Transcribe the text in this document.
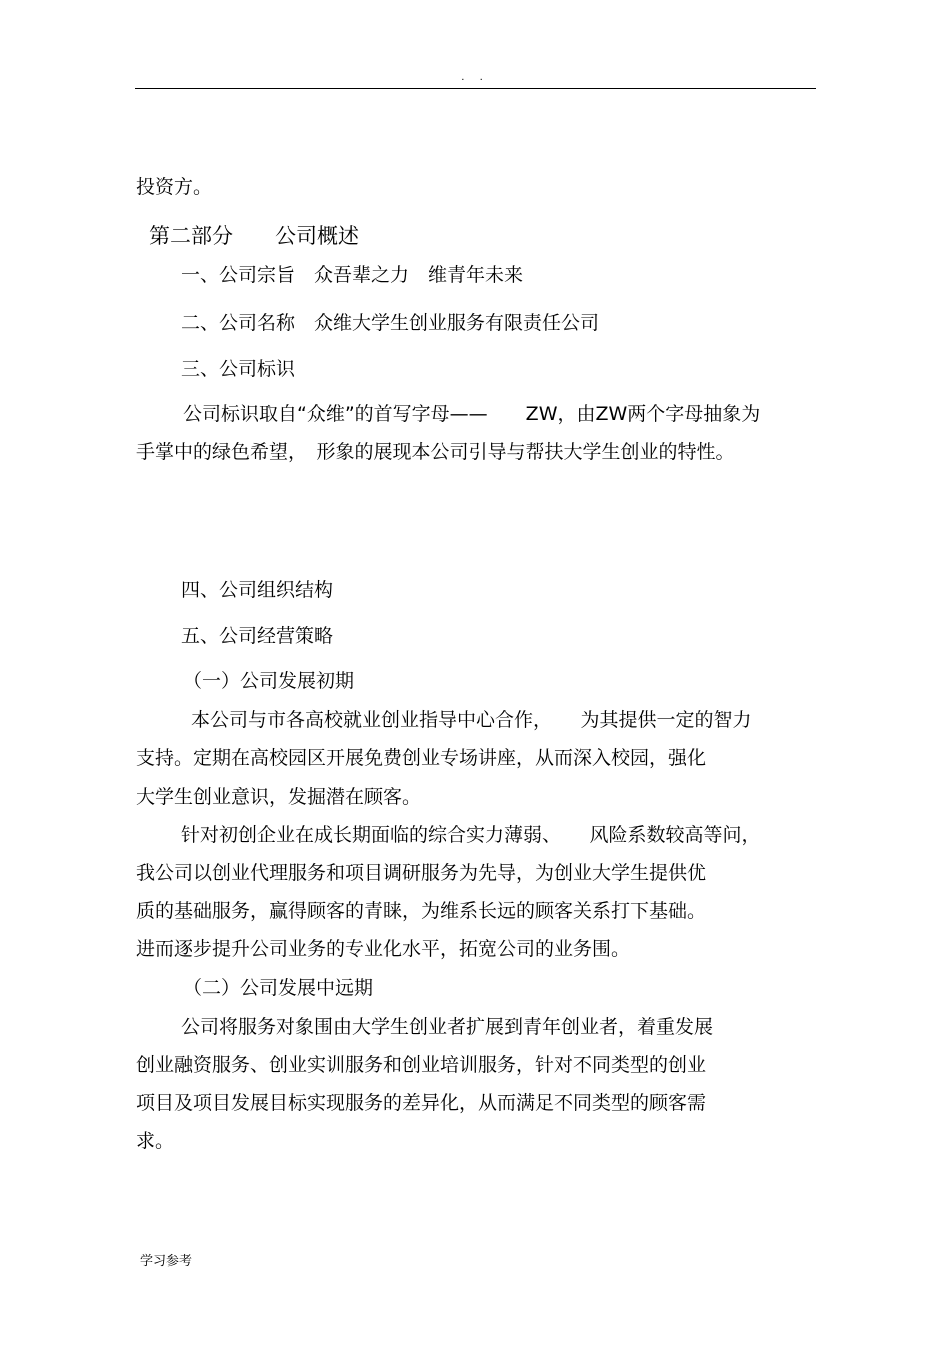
. .
投资方。
第二部分　　公司概述
一、公司宗旨　众吾辈之力　维青年未来
二、公司名称　众维大学生创业服务有限责任公司
三、公司标识
公司标识取自“众维”的首写字母——　　ZW，由ZW两个字母抽象为
手掌中的绿色希望，　形象的展现本公司引导与帮扶大学生创业的特性。
四、公司组织结构
五、公司经营策略
（一）公司发展初期
本公司与市各高校就业创业指导中心合作，　　为其提供一定的智力
支持。定期在高校园区开展免费创业专场讲座，从而深入校园，强化
大学生创业意识，发掘潜在顾客。
针对初创企业在成长期面临的综合实力薄弱、　　风险系数较高等问，
我公司以创业代理服务和项目调研服务为先导，为创业大学生提供优
质的基础服务，赢得顾客的青睐，为维系长远的顾客关系打下基础。
进而逐步提升公司业务的专业化水平，拓宽公司的业务围。
（二）公司发展中远期
公司将服务对象围由大学生创业者扩展到青年创业者，着重发展
创业融资服务、创业实训服务和创业培训服务，针对不同类型的创业
项目及项目发展目标实现服务的差异化，从而满足不同类型的顾客需
求。
学习参考
